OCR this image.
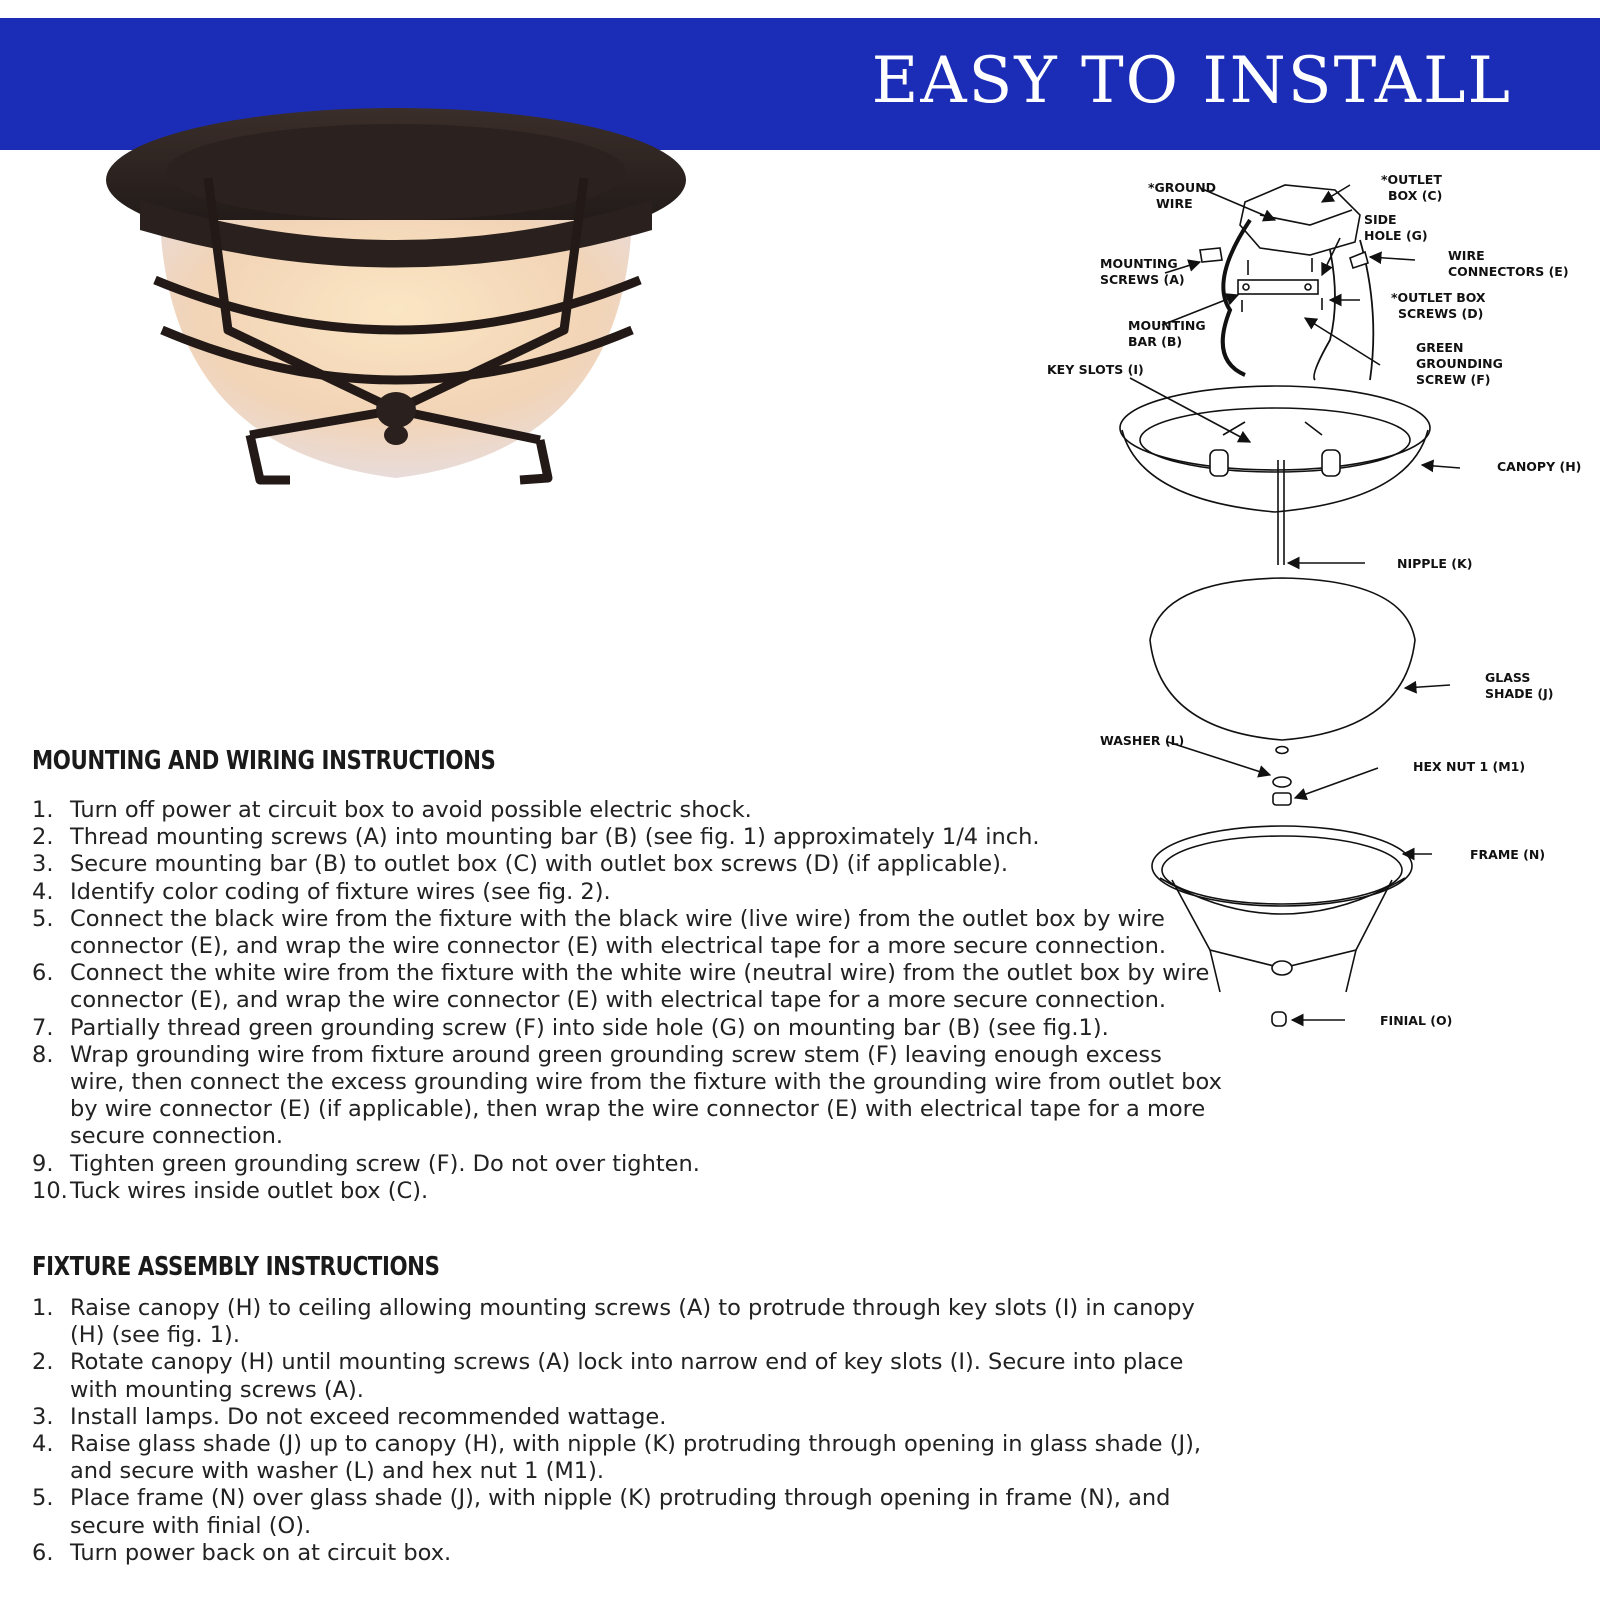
EASY TO INSTALL
*GROUND
WIRE
*OUTLET
BOX (C)
SIDE
HOLE (G)
WIRE
CONNECTORS (E)
MOUNTING
SCREWS (A)
*OUTLET BOX
SCREWS (D)
MOUNTING
BAR (B)	GREEN
GROUNDING
SCREW (F)
KEY SLOTS (I)
CANOPY (H)
NIPPLE (K)
GLASS
SHADE (J)
WASHER (L)
HEX NUT 1 (M1)
FRAME (N)
FINIAL (O)
MOUNTING AND WIRING INSTRUCTIONS
1. Turn off power at circuit box to avoid possible electric shock.
2. Thread mounting screws (A) into mounting bar (B) (see fig. 1) approximately 1/4 inch.
3. Secure mounting bar (B) to outlet box (C) with outlet box screws (D) (if applicable).
4. Identify color coding of fixture wires (see fig. 2).
5. Connect the black wire from the fixture with the black wire (live wire) from the outlet box by wire connector (E), and wrap the wire connector (E) with electrical tape for a more secure connection.
6. Connect the white wire from the fixture with the white wire (neutral wire) from the outlet box by wire connector (E), and wrap the wire connector (E) with electrical tape for a more secure connection.
7. Partially thread green grounding screw (F) into side hole (G) on mounting bar (B) (see fig.1).
8. Wrap grounding wire from fixture around green grounding screw stem (F) leaving enough excess wire, then connect the excess grounding wire from the fixture with the grounding wire from outlet box by wire connector (E) (if applicable), then wrap the wire connector (E) with electrical tape for a more secure connection.
9. Tighten green grounding screw (F). Do not over tighten.
10. Tuck wires inside outlet box (C).
FIXTURE ASSEMBLY INSTRUCTIONS
1. Raise canopy (H) to ceiling allowing mounting screws (A) to protrude through key slots (I) in canopy (H) (see fig. 1).
2. Rotate canopy (H) until mounting screws (A) lock into narrow end of key slots (I). Secure into place with mounting screws (A).
3. Install lamps. Do not exceed recommended wattage.
4. Raise glass shade (J) up to canopy (H), with nipple (K) protruding through opening in glass shade (J), and secure with washer (L) and hex nut 1 (M1).
5. Place frame (N) over glass shade (J), with nipple (K) protruding through opening in frame (N), and secure with finial (O).
6. Turn power back on at circuit box.
